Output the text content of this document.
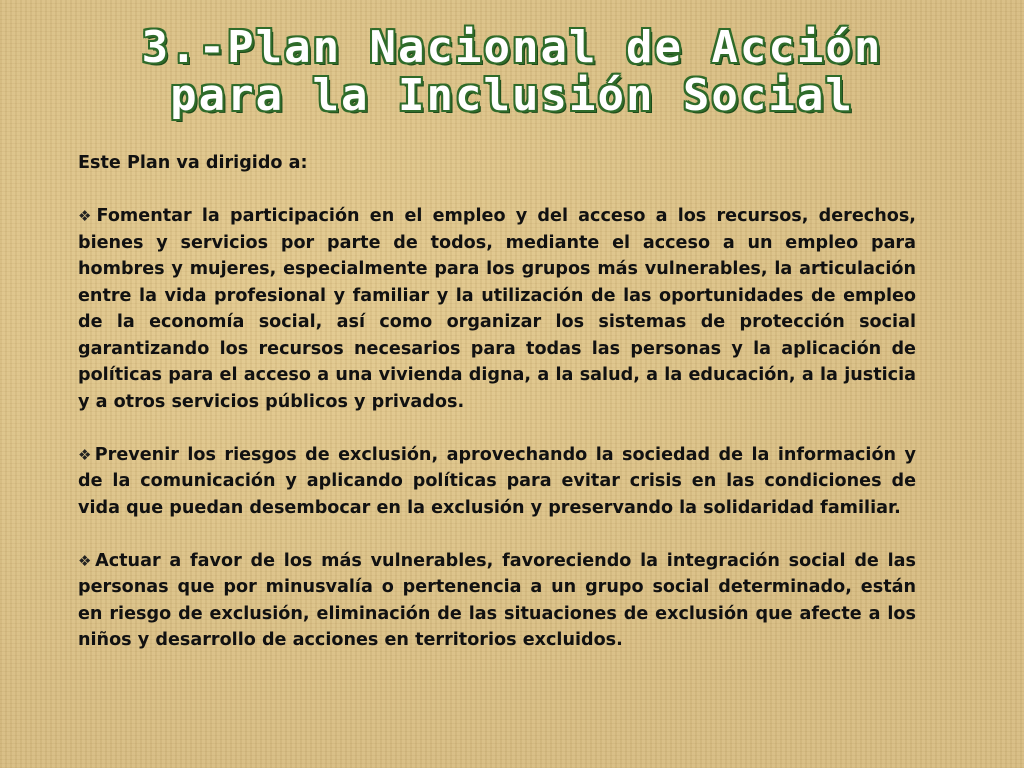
3.-Plan Nacional de Acción
para la Inclusión Social

Este Plan va dirigido a:

❖Fomentar la participación en el empleo y del acceso a los recursos, derechos, bienes y servicios por parte de todos, mediante el acceso a un empleo para hombres y mujeres, especialmente para los grupos más vulnerables, la articulación entre la vida profesional y familiar y la utilización de las oportunidades de empleo de la economía social, así como organizar los sistemas de protección social garantizando los recursos necesarios para todas las personas y la aplicación de políticas para el acceso a una vivienda digna, a la salud, a la educación, a la justicia y a otros servicios públicos y privados.

❖Prevenir los riesgos de exclusión, aprovechando la sociedad de la información y de la comunicación y aplicando políticas para evitar crisis en las condiciones de vida que puedan desembocar en la exclusión y preservando la solidaridad familiar.

❖Actuar a favor de los más vulnerables, favoreciendo la integración social de las personas que por minusvalía o pertenencia a un grupo social determinado, están en riesgo de exclusión, eliminación de las situaciones de exclusión que afecte a los niños y desarrollo de acciones en territorios excluidos.
